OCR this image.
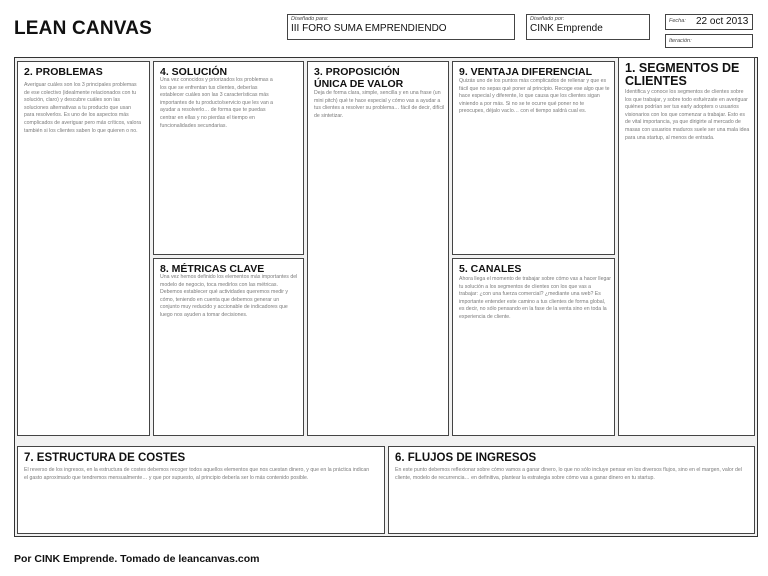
LEAN CANVAS	Diseñado para:
III FORO SUMA EMPRENDIENDO
Diseñado por:
CINK Emprende
Fecha: 22 oct 2013
Iteración:
2. PROBLEMAS
Averiguar cuáles son los 3 principales problemas de ese colectivo (idealmente relacionados con tu solución, claro) y descubre cuáles son las soluciones alternativas a tu producto que usan para resolverlos. Es uno de los aspectos más complicados de averiguar pero más críticos, valora también si los clientes saben lo que quieren o no.
4. SOLUCIÓN
Una vez conocidos y priorizados los problemas a los que se enfrentan tus clientes, deberías establecer cuáles son las 3 características más importantes de tu producto/servicio que les van a ayudar a resolverlo… de forma que te puedas centrar en ellas y no pierdas el tiempo en funcionalidades secundarias.
8. MÉTRICAS CLAVE
Una vez hemos definido los elementos más importantes del modelo de negocio, toca medirlos con las métricas. Debemos establecer qué actividades queremos medir y cómo, teniendo en cuenta que debemos generar un conjunto muy reducido y accionable de indicadores que luego nos ayuden a tomar decisiones.
3. PROPOSICIÓN
ÚNICA DE VALOR
Deja de forma clara, simple, sencilla y en una frase (un mini pitch) qué te hace especial y cómo vas a ayudar a tus clientes a resolver su problema… fácil de decir, difícil de sintetizar.
9. VENTAJA DIFERENCIAL
Quizás uno de los puntos más complicados de rellenar y que es fácil que no sepas qué poner al principio. Recoge ese algo que te hace especial y diferente, lo que causa que los clientes sigan viniendo a por más. Si no se te ocurre qué poner no te preocupes, déjalo vacío… con el tiempo saldrá cual es.
5. CANALES
Ahora llega el momento de trabajar sobre cómo vas a hacer llegar tu solución a los segmentos de clientes con los que vas a trabajar: ¿con una fuerza comercial? ¿mediante una web? Es importante entender este camino a tus clientes de forma global, es decir, no sólo pensando en la fase de la venta sino en toda la experiencia de cliente.
1. SEGMENTOS DE
CLIENTES
Identifica y conoce los segmentos de clientes sobre los que trabajar, y sobre todo esfuérzate en averiguar quiénes podrían ser tus early adopters o usuarios visionarios con los que comenzar a trabajar. Esto es de vital importancia, ya que dirigirte al mercado de masas con usuarios maduros suele ser una mala idea para una startup, al menos de entrada.
7. ESTRUCTURA DE COSTES
El reverso de los ingresos, en la estructura de costes debemos recoger todos aquellos elementos que nos cuestan dinero, y que en la práctica indican el gasto aproximado que tendremos mensualmente… y que por supuesto, al principio debería ser lo más contenido posible.
6. FLUJOS DE INGRESOS
En este punto debemos reflexionar sobre cómo vamos a ganar dinero, lo que no sólo incluye pensar en los diversos flujos, sino en el margen, valor del cliente, modelo de recurrencia… en definitiva, plantear la estrategia sobre cómo vas a ganar dinero en tu startup.
Por CINK Emprende. Tomado de leancanvas.com
